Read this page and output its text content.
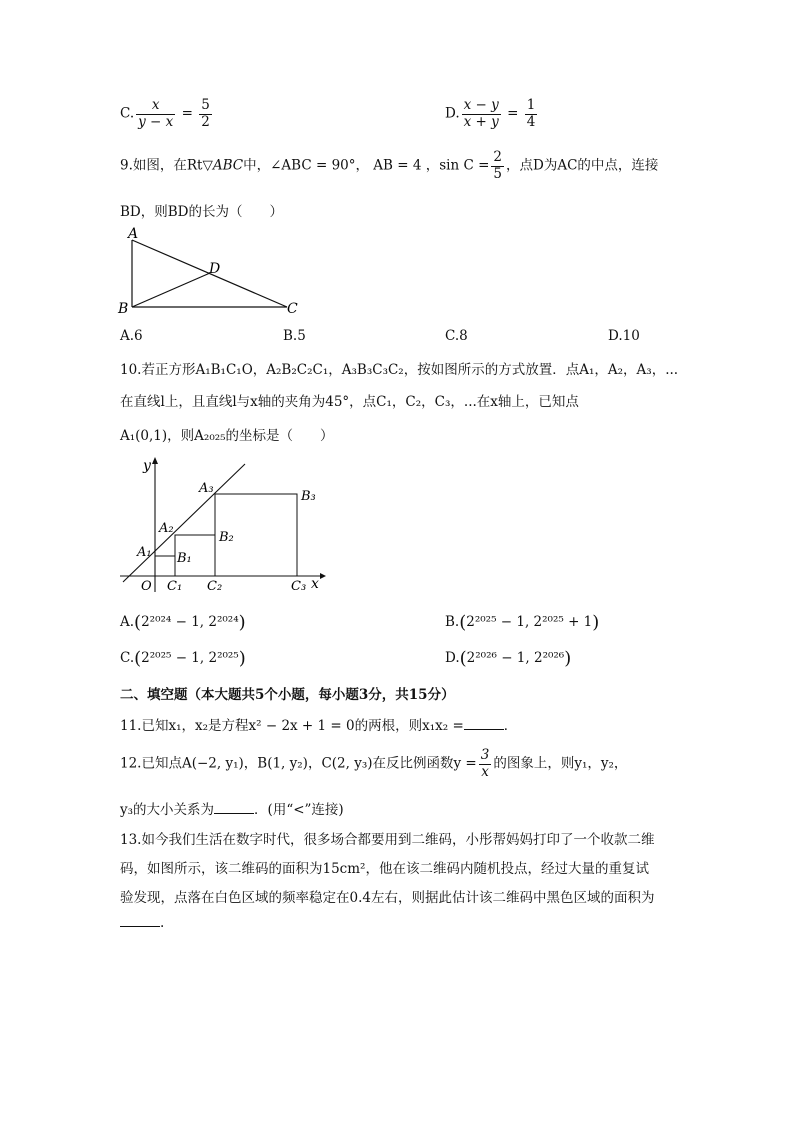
C. $\frac{x}{y - x} = \frac{5}{2}$	D. $\frac{x - y}{x + y} = \frac{1}{4}$
9.如图，在Rt▽ABC中，∠ABC = 90°， AB = 4 ，$\sin C = \frac{2}{5}$ ，点D为AC的中点，连接
BD，则BD的长为（　　）
A
B	C
D
A.6	B.5	C.8	D.10
10.若正方形A₁B₁C₁O，A₂B₂C₂C₁，A₃B₃C₃C₂，按如图所示的方式放置．点A₁，A₂，A₃，...
在直线l上，且直线l与x轴的夹角为45°，点C₁，C₂，C₃，...在x轴上，已知点
A₁(0,1)，则A₂₀₂₅的坐标是（　　）
y
x
O
A₁
A₂
A₃
B₁
B₂
B₃
C₁ C₂	C₃
A.(2²⁰²⁴ − 1, 2²⁰²⁴)	B.(2²⁰²⁵ − 1, 2²⁰²⁵ + 1)
C.(2²⁰²⁵ − 1, 2²⁰²⁵)	D.(2²⁰²⁶ − 1, 2²⁰²⁶)
二、填空题（本大题共5个小题，每小题3分，共15分）
11.已知x₁，x₂是方程x² − 2x + 1 = 0的两根，则x₁x₂ =	．
12.已知点A(−2, y₁)，B(1, y₂)，C(2, y₃)在反比例函数$y = \frac{3}{x}$ 的图象上，则y₁，y₂，
y₃的大小关系为	．(用“<”连接)
13.如今我们生活在数字时代，很多场合都要用到二维码，小彤帮妈妈打印了一个收款二维
码，如图所示，该二维码的面积为15cm²，他在该二维码内随机投点，经过大量的重复试
验发现，点落在白色区域的频率稳定在0.4左右，则据此估计该二维码中黑色区域的面积为
.
